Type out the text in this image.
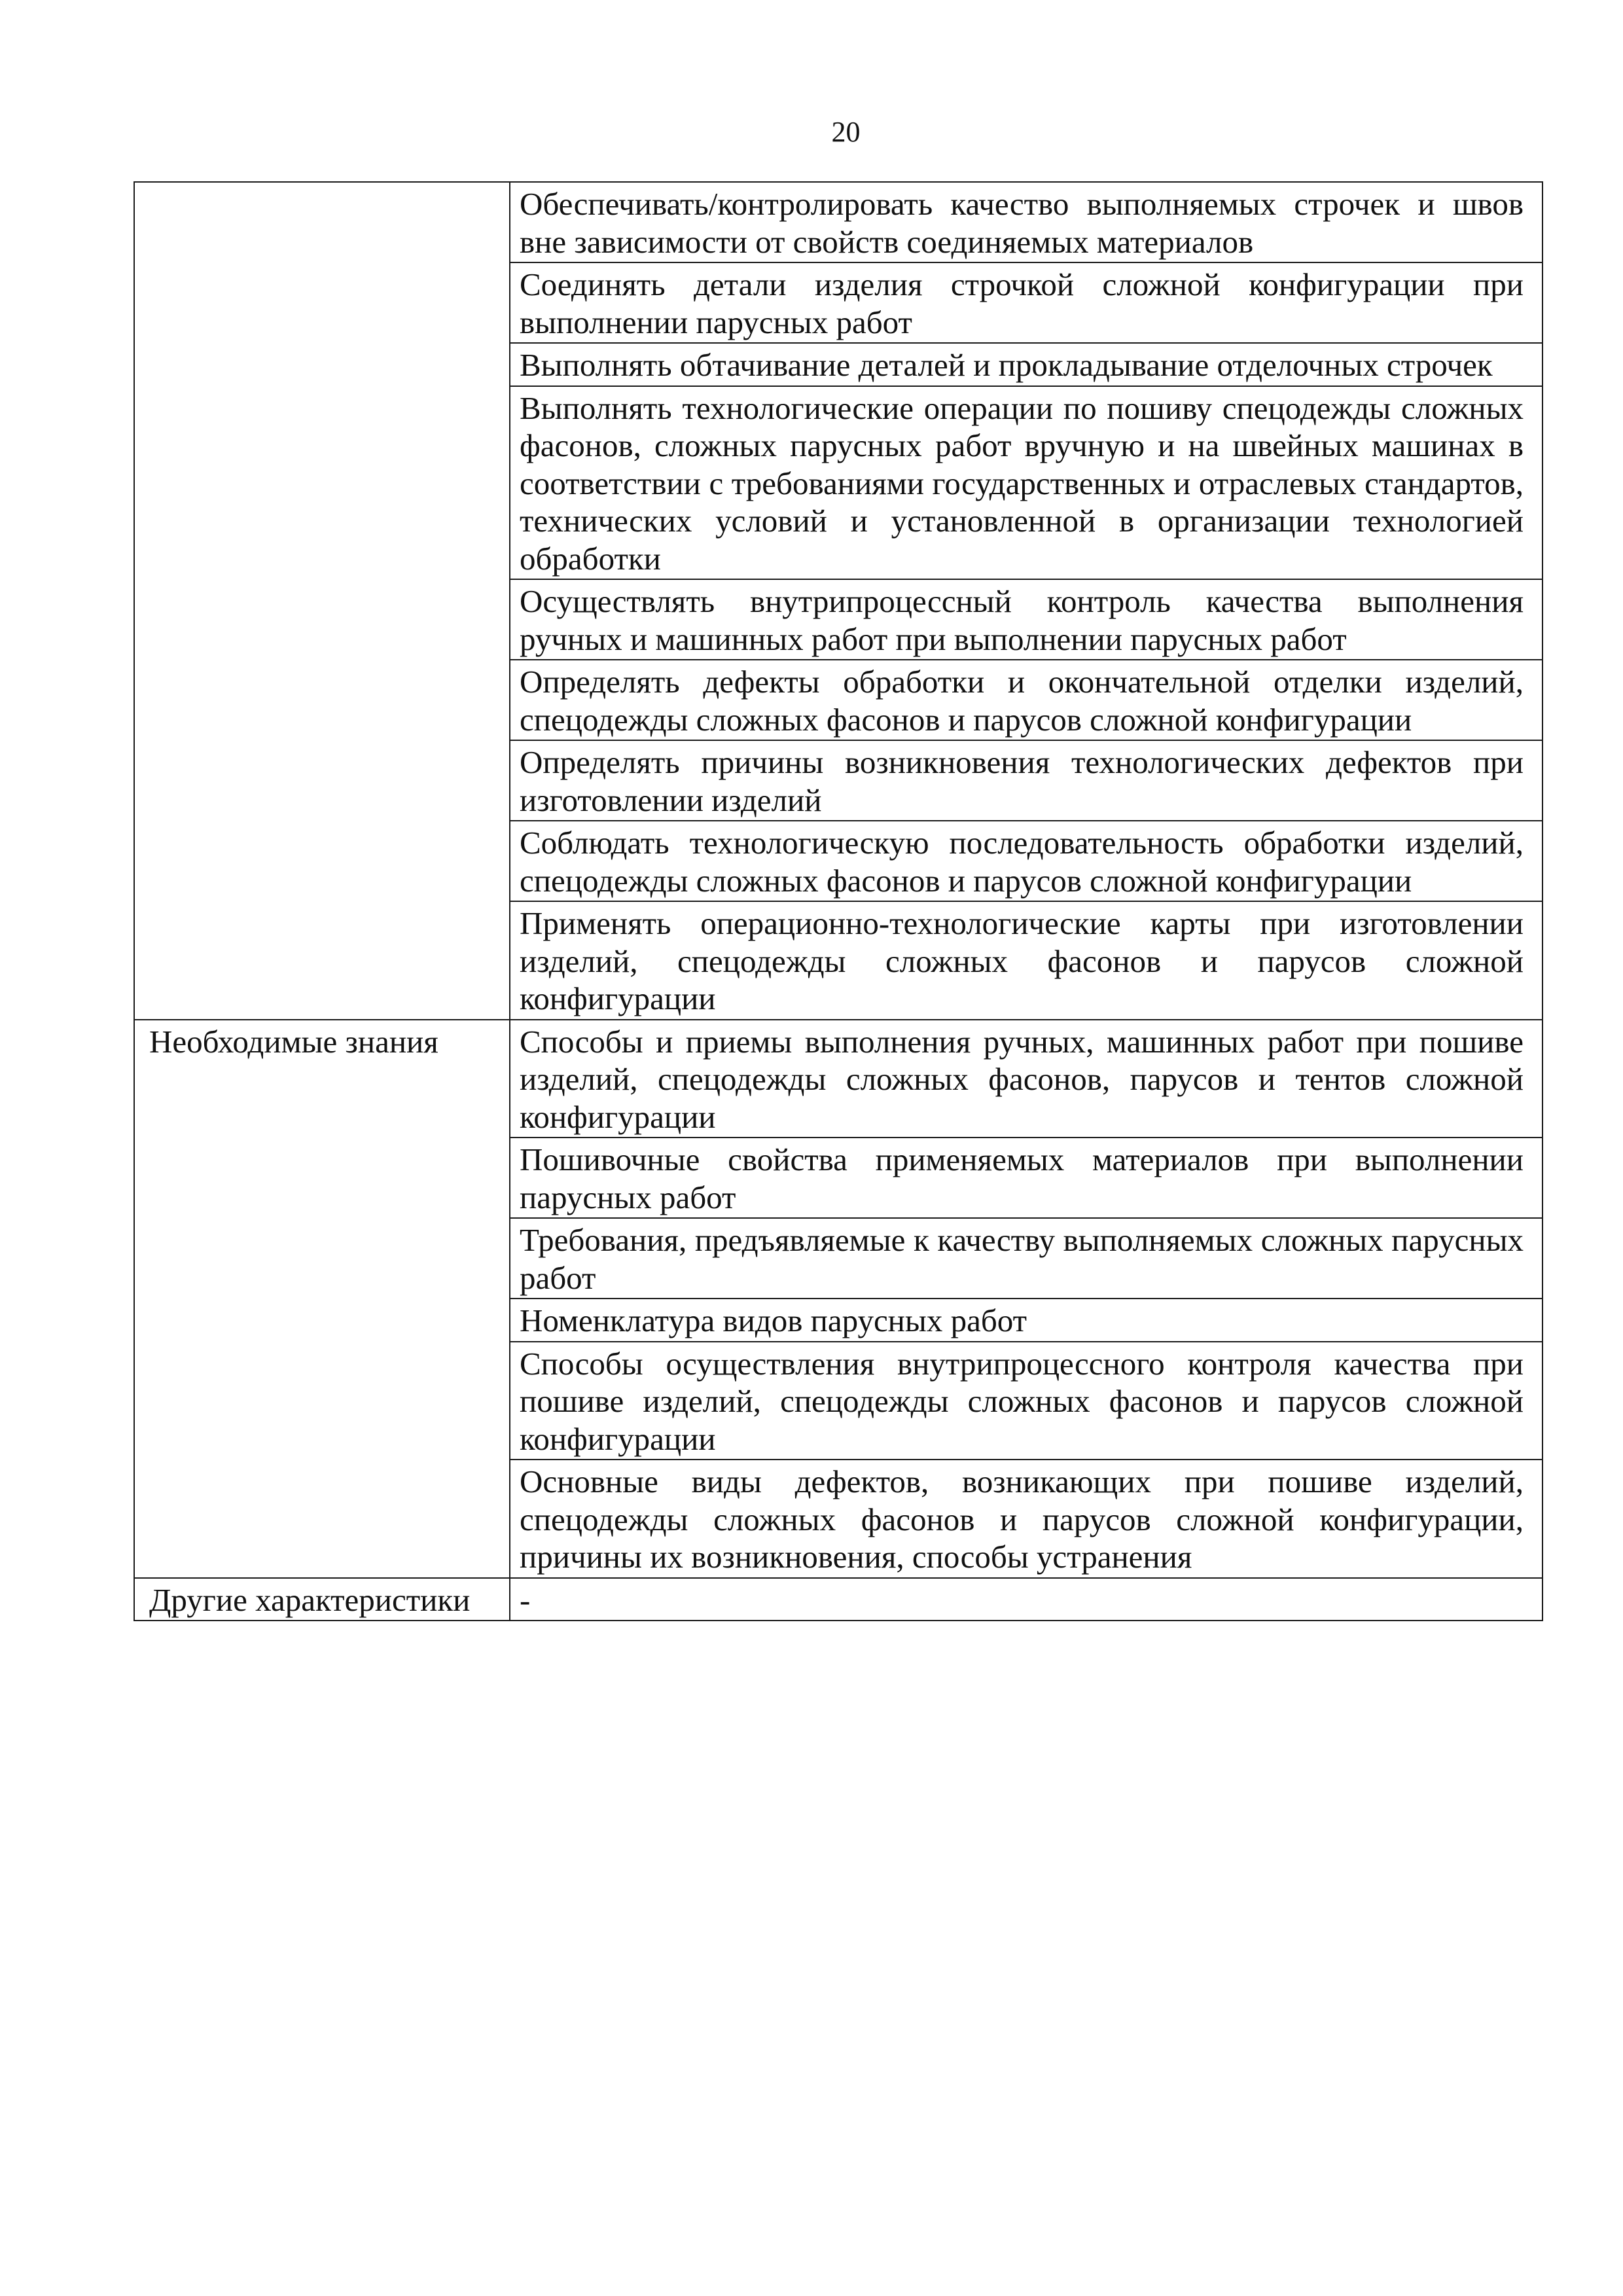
20
	Обеспечивать/контролировать качество выполняемых строчек и швов вне зависимости от свойств соединяемых материалов
	Соединять детали изделия строчкой сложной конфигурации при выполнении парусных работ
	Выполнять обтачивание деталей и прокладывание отделочных строчек
	Выполнять технологические операции по пошиву спецодежды сложных фасонов, сложных парусных работ вручную и на швейных машинах в соответствии с требованиями государственных и отраслевых стандартов, технических условий и установленной в организации технологией обработки
	Осуществлять внутрипроцессный контроль качества выполнения ручных и машинных работ при выполнении парусных работ
	Определять дефекты обработки и окончательной отделки изделий, спецодежды сложных фасонов и парусов сложной конфигурации
	Определять причины возникновения технологических дефектов при изготовлении изделий
	Соблюдать технологическую последовательность обработки изделий, спецодежды сложных фасонов и парусов сложной конфигурации
	Применять операционно-технологические карты при изготовлении изделий, спецодежды сложных фасонов и парусов сложной конфигурации
Необходимые знания	Способы и приемы выполнения ручных, машинных работ при пошиве изделий, спецодежды сложных фасонов, парусов и тентов сложной конфигурации
	Пошивочные свойства применяемых материалов при выполнении парусных работ
	Требования, предъявляемые к качеству выполняемых сложных парусных работ
	Номенклатура видов парусных работ
	Способы осуществления внутрипроцессного контроля качества при пошиве изделий, спецодежды сложных фасонов и парусов сложной конфигурации
	Основные виды дефектов, возникающих при пошиве изделий, спецодежды сложных фасонов и парусов сложной конфигурации, причины их возникновения, способы устранения
Другие характеристики	-
